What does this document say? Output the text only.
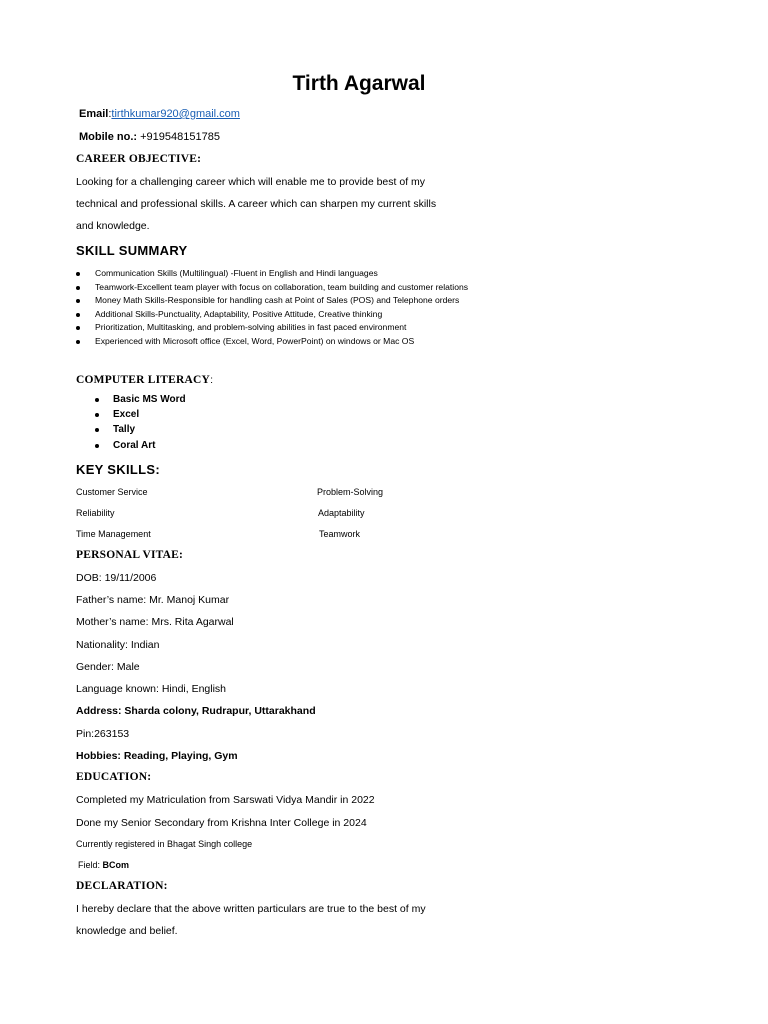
Tirth Agarwal
Email:tirthkumar920@gmail.com
Mobile no.: +919548151785
CAREER OBJECTIVE:
Looking for a challenging career which will enable me to provide best of my
technical and professional skills. A career which can sharpen my current skills
and knowledge.
SKILL SUMMARY
Communication Skills (Multilingual) -Fluent in English and Hindi languages
Teamwork-Excellent team player with focus on collaboration, team building and customer relations
Money Math Skills-Responsible for handling cash at Point of Sales (POS) and Telephone orders
Additional Skills-Punctuality, Adaptability, Positive Attitude, Creative thinking
Prioritization, Multitasking, and problem-solving abilities in fast paced environment
Experienced with Microsoft office (Excel, Word, PowerPoint) on windows or Mac OS
COMPUTER LITERACY:
Basic MS Word
Excel
Tally
Coral Art
KEY SKILLS:
Customer Service	Problem-Solving
Reliability	Adaptability
Time Management	Teamwork
PERSONAL VITAE:
DOB: 19/11/2006
Father’s name: Mr. Manoj Kumar
Mother’s name: Mrs. Rita Agarwal
Nationality: Indian
Gender: Male
Language known: Hindi, English
Address: Sharda colony, Rudrapur, Uttarakhand
Pin:263153
Hobbies: Reading, Playing, Gym
EDUCATION:
Completed my Matriculation from Sarswati Vidya Mandir in 2022
Done my Senior Secondary from Krishna Inter College in 2024
Currently registered in Bhagat Singh college
Field: BCom
DECLARATION:
I hereby declare that the above written particulars are true to the best of my
knowledge and belief.
